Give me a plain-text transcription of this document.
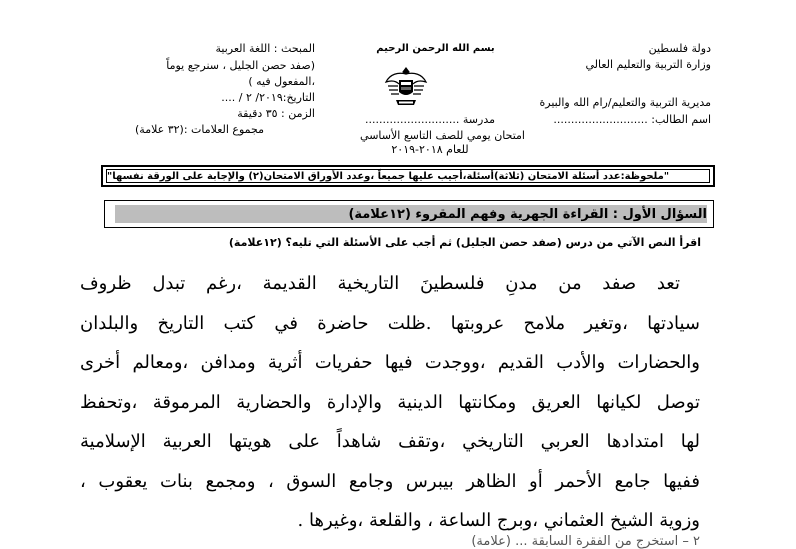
دولة فلسطين
وزارة التربية والتعليم العالي
مديرية التربية والتعليم/رام الله والبيرة
اسم الطالب: ...........................
بسم الله الرحمن الرحيم
مدرسة ...........................
امتحان يومي للصف التاسع الأساسي
للعام ٢٠١٨-٢٠١٩
المبحث : اللغة العربية
(صفد حصن الجليل ، سنرجع يوماً
،المفعول فيه )
التاريخ:٢٠١٩/ ٢ / ....
الزمن : ٣٥ دقيقة
مجموع العلامات :(٣٢ علامة)
"ملحوظة:عدد أسئلة الامتحان (ثلاثة)أسئلة،أجيب عليها جميعاً ،وعدد الأوراق الامتحان(٢) والإجابة على الورقة نفسها"
السؤال الأول : القراءة الجهرية وفهم المقروء (١٢علامة)
اقرأ النص الآتي من درس (صفد حصن الجليل) ثم أجب على الأسئلة التي تليه؟ (١٢علامة)
تعد صفد من مدنِ فلسطينَ التاريخية القديمة ،رغم تبدل ظروف
سيادتها ،وتغير ملامح عروبتها .ظلت حاضرة في كتب التاريخ والبلدان
والحضارات والأدب القديم ،ووجدت فيها حفريات أثرية ومدافن ،ومعالم أخرى
توصل لكيانها العريق ومكانتها الدينية والإدارة والحضارية المرموقة ،وتحفظ
لها امتدادها العربي التاريخي ،وتقف شاهداً على هويتها العربية الإسلامية
ففيها جامع الأحمر أو الظاهر بيبرس وجامع السوق ، ومجمع بنات يعقوب ،
وزوية الشيخ العثماني ،وبرج الساعة ، والقلعة ،وغيرها .
٢ – استخرج من الفقرة السابقة ... (علامة)
